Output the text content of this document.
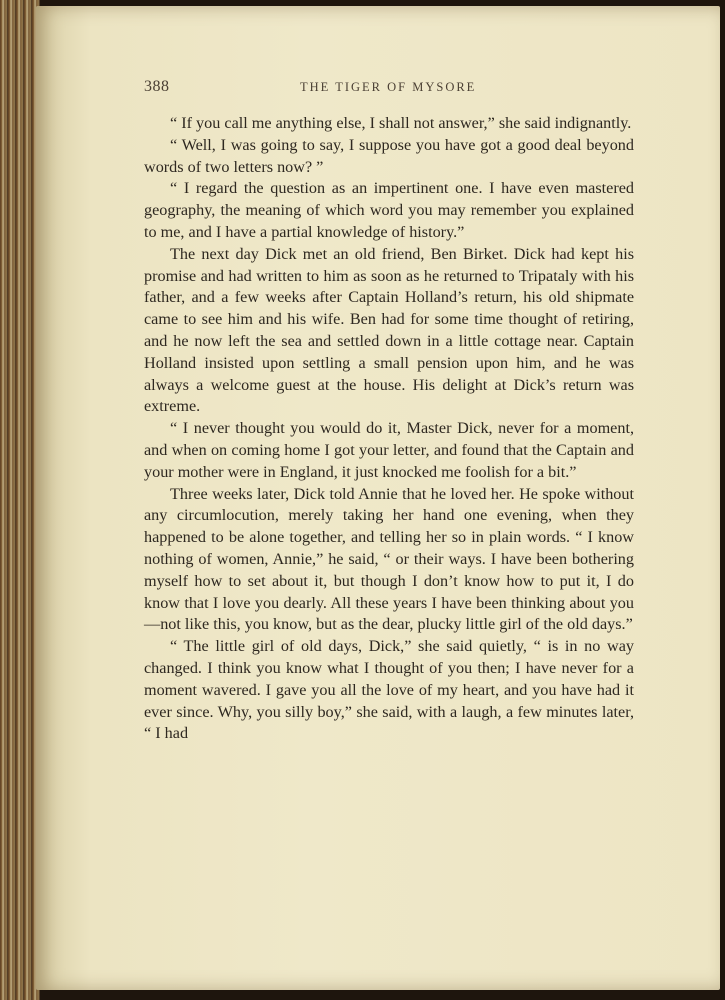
388	THE TIGER OF MYSORE

“ If you call me anything else, I shall not answer,” she said indignantly.

“ Well, I was going to say, I suppose you have got a good deal beyond words of two letters now? ”

“ I regard the question as an impertinent one. I have even mastered geography, the meaning of which word you may remember you explained to me, and I have a partial knowledge of history.”

The next day Dick met an old friend, Ben Birket. Dick had kept his promise and had written to him as soon as he returned to Tripataly with his father, and a few weeks after Captain Holland’s return, his old shipmate came to see him and his wife. Ben had for some time thought of retiring, and he now left the sea and settled down in a little cottage near. Captain Holland insisted upon settling a small pension upon him, and he was always a welcome guest at the house. His delight at Dick’s return was extreme.

“ I never thought you would do it, Master Dick, never for a moment, and when on coming home I got your letter, and found that the Captain and your mother were in England, it just knocked me foolish for a bit.”

Three weeks later, Dick told Annie that he loved her. He spoke without any circumlocution, merely taking her hand one evening, when they happened to be alone together, and telling her so in plain words. “ I know nothing of women, Annie,” he said, “ or their ways. I have been bothering myself how to set about it, but though I don’t know how to put it, I do know that I love you dearly. All these years I have been thinking about you—not like this, you know, but as the dear, plucky little girl of the old days.”

“ The little girl of old days, Dick,” she said quietly, “ is in no way changed. I think you know what I thought of you then; I have never for a moment wavered. I gave you all the love of my heart, and you have had it ever since. Why, you silly boy,” she said, with a laugh, a few minutes later, “ I had
